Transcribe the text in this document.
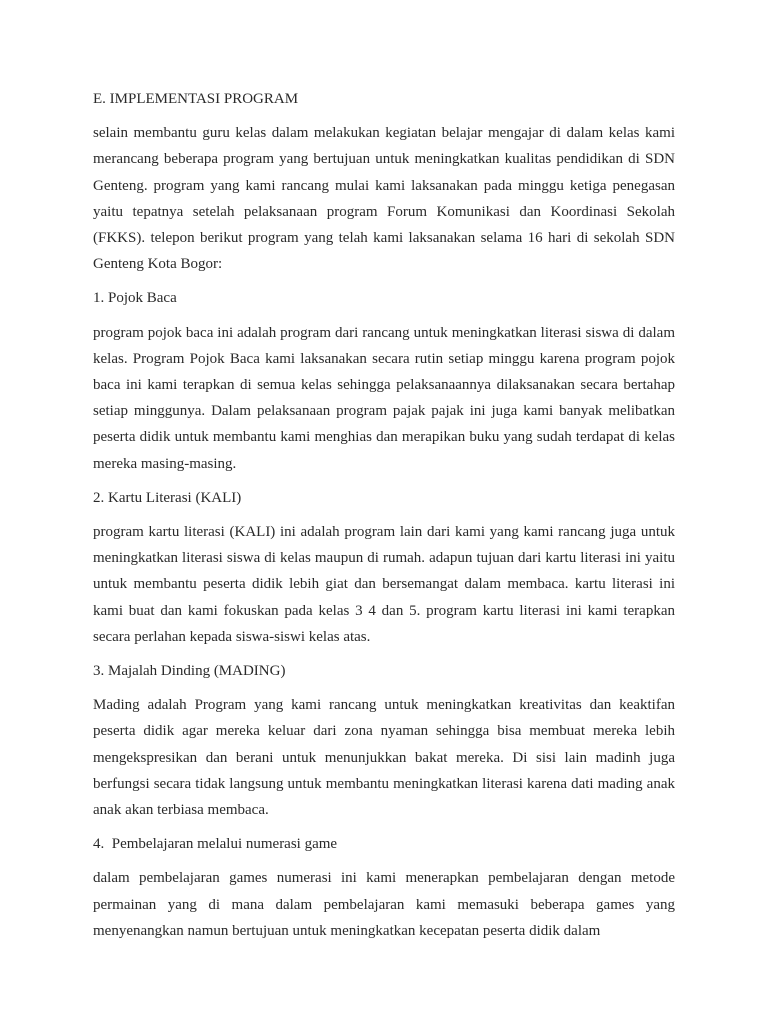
E. IMPLEMENTASI PROGRAM
selain membantu guru kelas dalam melakukan kegiatan belajar mengajar di dalam kelas kami merancang beberapa program yang bertujuan untuk meningkatkan kualitas pendidikan di SDN Genteng. program yang kami rancang mulai kami laksanakan pada minggu ketiga penegasan yaitu tepatnya setelah pelaksanaan program Forum Komunikasi dan Koordinasi Sekolah (FKKS). telepon berikut program yang telah kami laksanakan selama 16 hari di sekolah SDN Genteng Kota Bogor:
1. Pojok Baca
program pojok baca ini adalah program dari rancang untuk meningkatkan literasi siswa di dalam kelas. Program Pojok Baca kami laksanakan secara rutin setiap minggu karena program pojok baca ini kami terapkan di semua kelas sehingga pelaksanaannya dilaksanakan secara bertahap setiap minggunya. Dalam pelaksanaan program pajak pajak ini juga kami banyak melibatkan peserta didik untuk membantu kami menghias dan merapikan buku yang sudah terdapat di kelas mereka masing-masing.
2. Kartu Literasi (KALI)
program kartu literasi (KALI) ini adalah program lain dari kami yang kami rancang juga untuk meningkatkan literasi siswa di kelas maupun di rumah. adapun tujuan dari kartu literasi ini yaitu untuk membantu peserta didik lebih giat dan bersemangat dalam membaca. kartu literasi ini kami buat dan kami fokuskan pada kelas 3 4 dan 5. program kartu literasi ini kami terapkan secara perlahan kepada siswa-siswi kelas atas.
3. Majalah Dinding (MADING)
Mading adalah Program yang kami rancang untuk meningkatkan kreativitas dan keaktifan peserta didik agar mereka keluar dari zona nyaman sehingga bisa membuat mereka lebih mengekspresikan dan berani untuk menunjukkan bakat mereka. Di sisi lain madinh juga berfungsi secara tidak langsung untuk membantu meningkatkan literasi karena dati mading anak anak akan terbiasa membaca.
4.  Pembelajaran melalui numerasi game
dalam pembelajaran games numerasi ini kami menerapkan pembelajaran dengan metode permainan yang di mana dalam pembelajaran kami memasuki beberapa games yang menyenangkan namun bertujuan untuk meningkatkan kecepatan peserta didik dalam
